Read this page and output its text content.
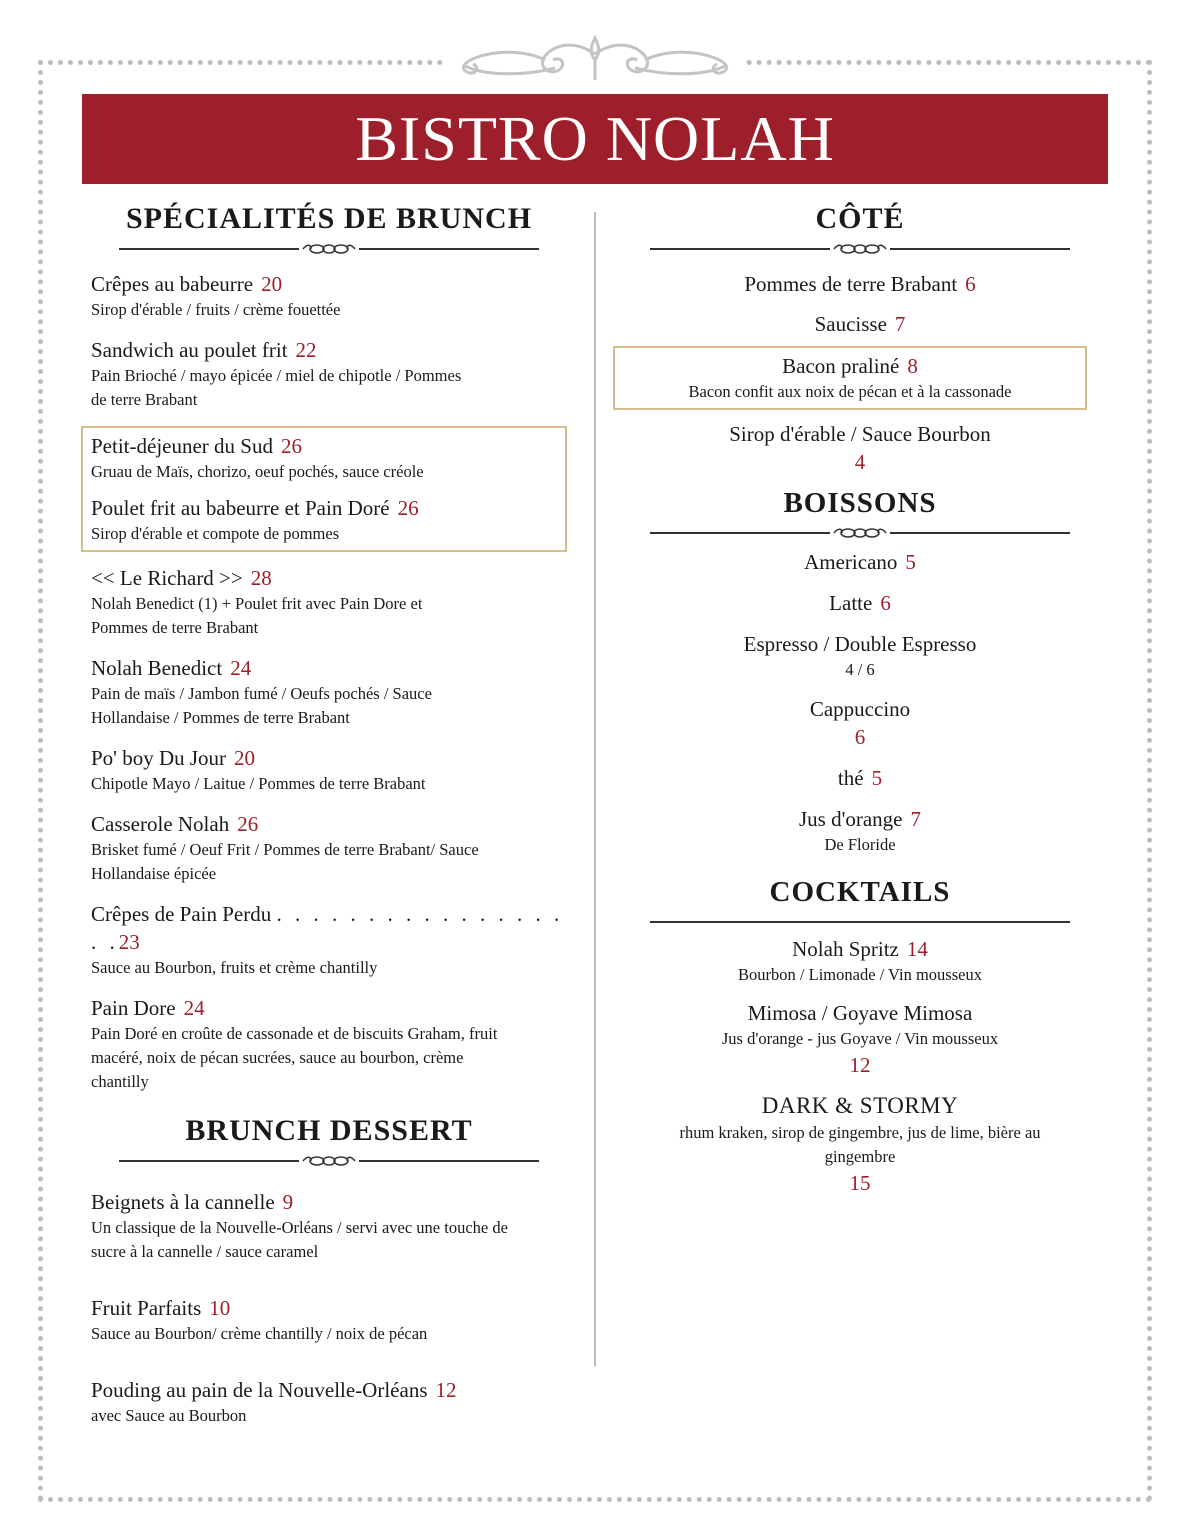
BISTRO NOLAH
SPÉCIALITÉS DE BRUNCH
Crêpes au babeurre 20
Sirop d'érable / fruits / crème fouettée
Sandwich au poulet frit 22
Pain Brioché / mayo épicée / miel de chipotle / Pommes de terre Brabant
Petit-déjeuner du Sud 26
Gruau de Maïs, chorizo, oeuf pochés, sauce créole
Poulet frit au babeurre et Pain Doré 26
Sirop d'érable et compote de pommes
<< Le Richard >> 28
Nolah Benedict (1) + Poulet frit avec Pain Dore et Pommes de terre Brabant
Nolah Benedict 24
Pain de maïs / Jambon fumé / Oeufs pochés / Sauce Hollandaise / Pommes de terre Brabant
Po' boy Du Jour 20
Chipotle Mayo / Laitue / Pommes de terre Brabant
Casserole Nolah 26
Brisket fumé / Oeuf Frit / Pommes de terre Brabant/ Sauce Hollandaise épicée
Crêpes de Pain Perdu . . . . . . . . . . . . . . . . . .23
Sauce au Bourbon, fruits et crème chantilly
Pain Dore 24
Pain Doré en croûte de cassonade et de biscuits Graham, fruit macéré, noix de pécan sucrées, sauce au bourbon, crème chantilly
BRUNCH DESSERT
Beignets à la cannelle 9
Un classique de la Nouvelle-Orléans / servi avec une touche de sucre à la cannelle / sauce caramel
Fruit Parfaits 10
Sauce au Bourbon/ crème chantilly / noix de pécan
Pouding au pain de la Nouvelle-Orléans 12
avec Sauce au Bourbon
CÔTÉ
Pommes de terre Brabant 6
Saucisse 7
Bacon praliné 8
Bacon confit aux noix de pécan et à la cassonade
Sirop d'érable / Sauce Bourbon
4
BOISSONS
Americano 5
Latte 6
Espresso / Double Espresso
4 / 6
Cappuccino
6
thé 5
Jus d'orange 7
De Floride
COCKTAILS
Nolah Spritz 14
Bourbon / Limonade / Vin mousseux
Mimosa / Goyave Mimosa
Jus d'orange - jus Goyave / Vin mousseux
12
DARK & STORMY
rhum kraken, sirop de gingembre, jus de lime, bière au gingembre
15
